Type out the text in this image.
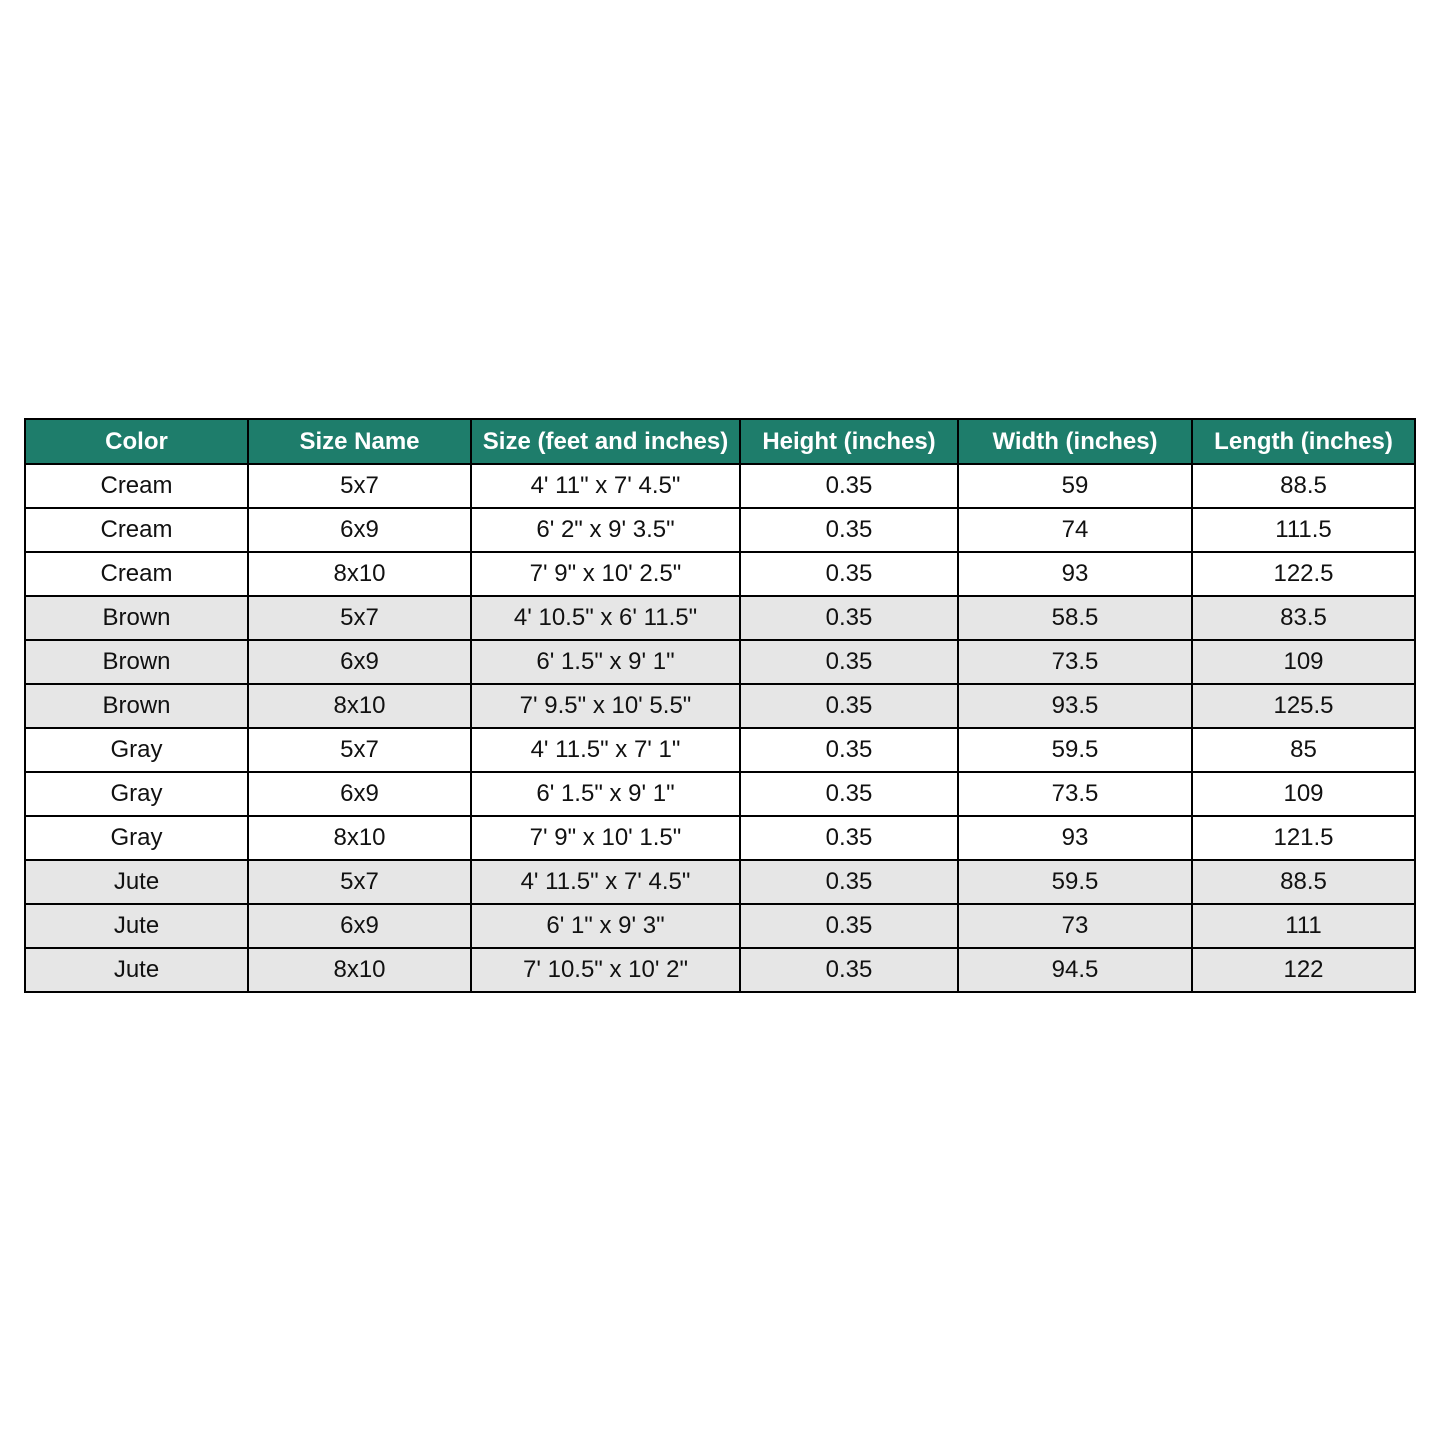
Color	Size Name	Size (feet and inches)	Height (inches)	Width (inches)	Length (inches)
Cream	5x7	4' 11" x 7' 4.5"	0.35	59	88.5
Cream	6x9	6' 2" x 9' 3.5"	0.35	74	111.5
Cream	8x10	7' 9" x 10' 2.5"	0.35	93	122.5
Brown	5x7	4' 10.5" x 6' 11.5"	0.35	58.5	83.5
Brown	6x9	6' 1.5" x 9' 1"	0.35	73.5	109
Brown	8x10	7' 9.5" x 10' 5.5"	0.35	93.5	125.5
Gray	5x7	4' 11.5" x 7' 1"	0.35	59.5	85
Gray	6x9	6' 1.5" x 9' 1"	0.35	73.5	109
Gray	8x10	7' 9" x 10' 1.5"	0.35	93	121.5
Jute	5x7	4' 11.5" x 7' 4.5"	0.35	59.5	88.5
Jute	6x9	6' 1" x 9' 3"	0.35	73	111
Jute	8x10	7' 10.5" x 10' 2"	0.35	94.5	122
